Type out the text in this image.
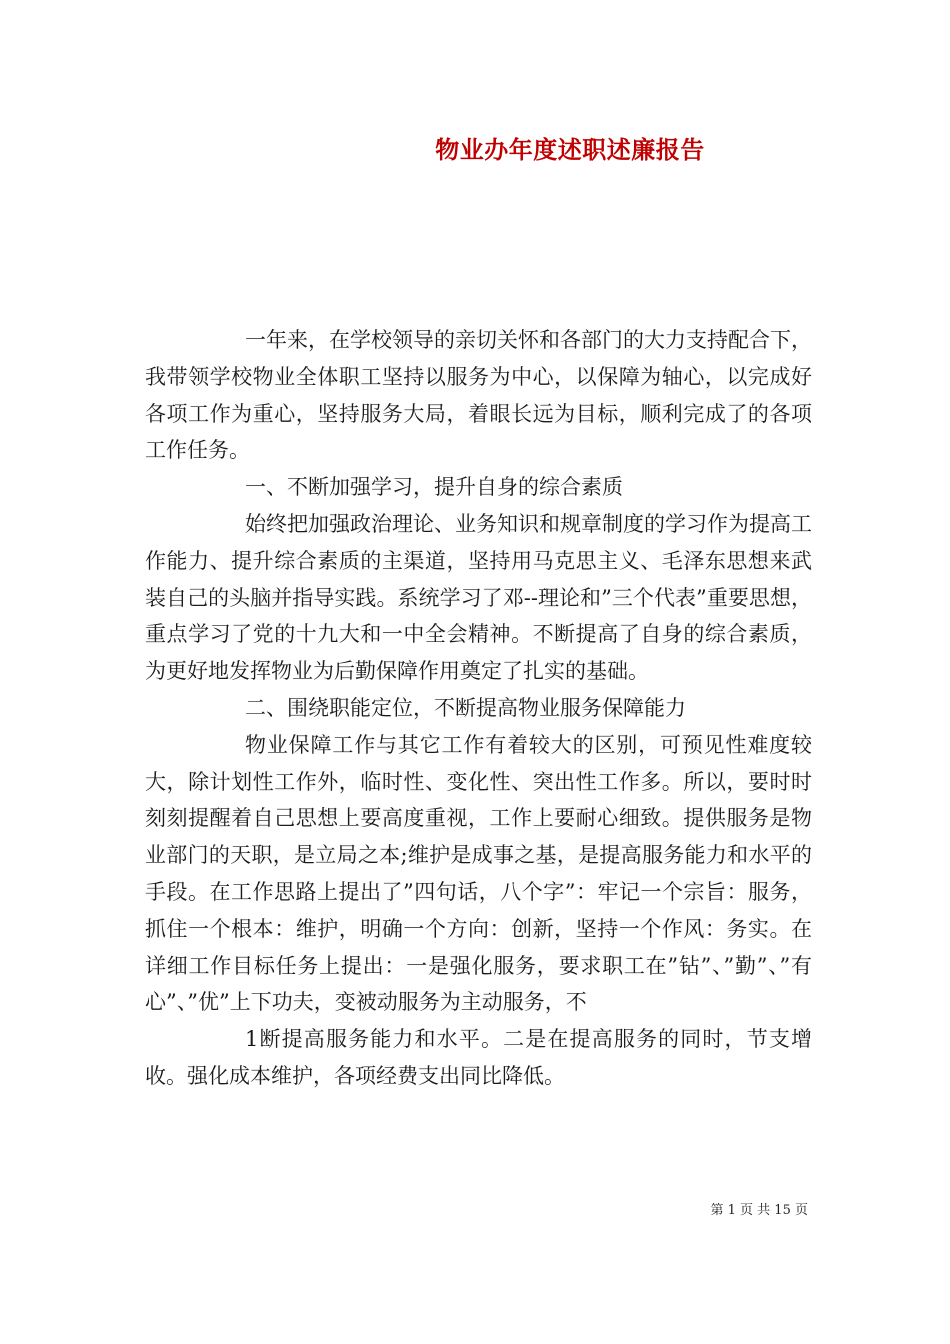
物业办年度述职述廉报告

一年来，在学校领导的亲切关怀和各部门的大力支持配合下，我带领学校物业全体职工坚持以服务为中心，以保障为轴心，以完成好各项工作为重心，坚持服务大局，着眼长远为目标，顺利完成了的各项工作任务。

一、不断加强学习，提升自身的综合素质

始终把加强政治理论、业务知识和规章制度的学习作为提高工作能力、提升综合素质的主渠道，坚持用马克思主义、毛泽东思想来武装自己的头脑并指导实践。系统学习了邓--理论和”三个代表”重要思想，重点学习了党的十九大和一中全会精神。不断提高了自身的综合素质，为更好地发挥物业为后勤保障作用奠定了扎实的基础。

二、围绕职能定位，不断提高物业服务保障能力

物业保障工作与其它工作有着较大的区别，可预见性难度较大，除计划性工作外，临时性、变化性、突出性工作多。所以，要时时刻刻提醒着自己思想上要高度重视，工作上要耐心细致。提供服务是物业部门的天职，是立局之本;维护是成事之基，是提高服务能力和水平的手段。在工作思路上提出了”四句话，八个字”：牢记一个宗旨：服务，抓住一个根本：维护，明确一个方向：创新，坚持一个作风：务实。在详细工作目标任务上提出：一是强化服务，要求职工在”钻”、”勤”、”有心”、”优”上下功夫，变被动服务为主动服务，不

1断提高服务能力和水平。二是在提高服务的同时，节支增收。强化成本维护，各项经费支出同比降低。

第 1 页 共 15 页
